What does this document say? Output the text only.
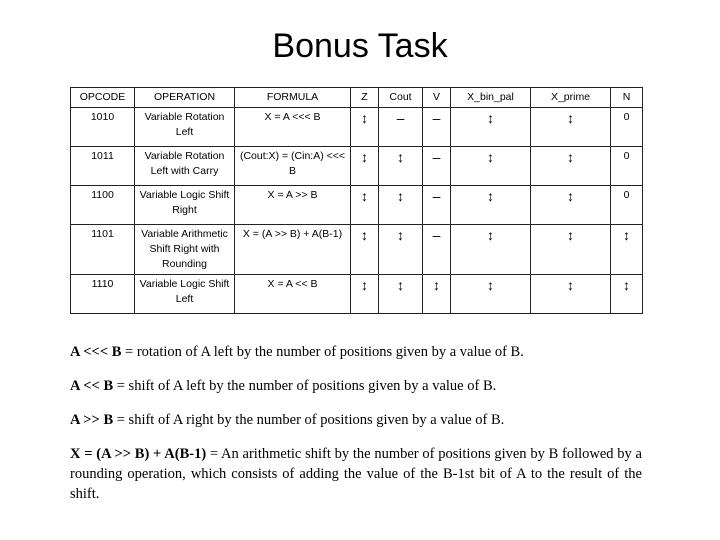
Bonus Task
OPCODE	OPERATION	FORMULA	Z	Cout	V	X_bin_pal	X_prime	N
1010	Variable Rotation Left	X = A <<< B	↕	–	–	↕	↕	0
1011	Variable Rotation Left with Carry	(Cout:X) = (Cin:A) <<< B	↕	↕	–	↕	↕	0
1100	Variable Logic Shift Right	X = A >> B	↕	↕	–	↕	↕	0
1101	Variable Arithmetic Shift Right with Rounding	X = (A >> B) + A(B-1)	↕	↕	–	↕	↕	↕
1110	Variable Logic Shift Left	X = A << B	↕	↕	↕	↕	↕	↕

A <<< B = rotation of A left by the number of positions given by a value of B.

A << B = shift of A left by the number of positions given by a value of B.

A >> B = shift of A right by the number of positions given by a value of B.

X = (A >> B) + A(B-1) = An arithmetic shift by the number of positions given by B followed by a rounding operation, which consists of adding the value of the B-1st bit of A to the result of the shift.
